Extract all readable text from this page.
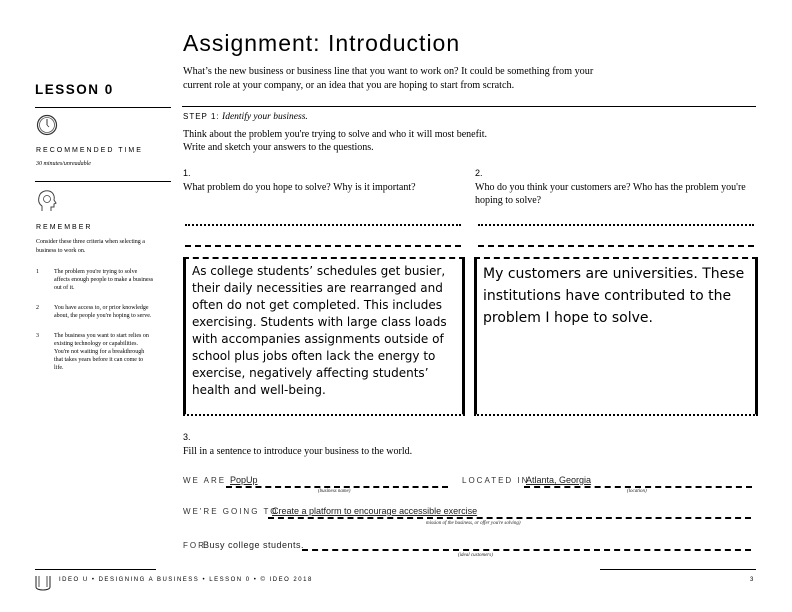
Assignment: Introduction
What’s the new business or business line that you want to work on? It could be something from your current role at your company, or an idea that you are hoping to start from scratch.
LESSON 0
RECOMMENDED TIME
30 minutes/unreadable
REMEMBER
Consider these three criteria when selecting a business to work on.
1	The problem you're trying to solve affects enough people to make a business out of it.
2	You have access to, or prior knowledge about, the people you're hoping to serve.
3	The business you want to start relies on existing technology or capabilities. You're not waiting for a breakthrough that takes years before it can come to life.
STEP 1: Identify your business.
Think about the problem you're trying to solve and who it will most benefit.
Write and sketch your answers to the questions.
1.
What problem do you hope to solve? Why is it important?
As college students’ schedules get busier, their daily necessities are rearranged and often do not get completed. This includes exercising. Students with large class loads with accompanies assignments outside of school plus jobs often lack the energy to exercise, negatively affecting students’ health and well-being.
2.
Who do you think your customers are? Who has the problem you're hoping to solve?
My customers are universities. These institutions have contributed to the problem I hope to solve.
3.
Fill in a sentence to introduce your business to the world.
WE ARE PopUp
(business name)
LOCATED IN
Atlanta, Georgia
(location)
WE'RE GOING TO
Create a platform to encourage accessible exercise
mission of the business, or offer you're solving)
FOR
Busy college students.
(ideal customers)
IDEO U • DESIGNING A BUSINESS • LESSON 0 • © IDEO 2018	3
